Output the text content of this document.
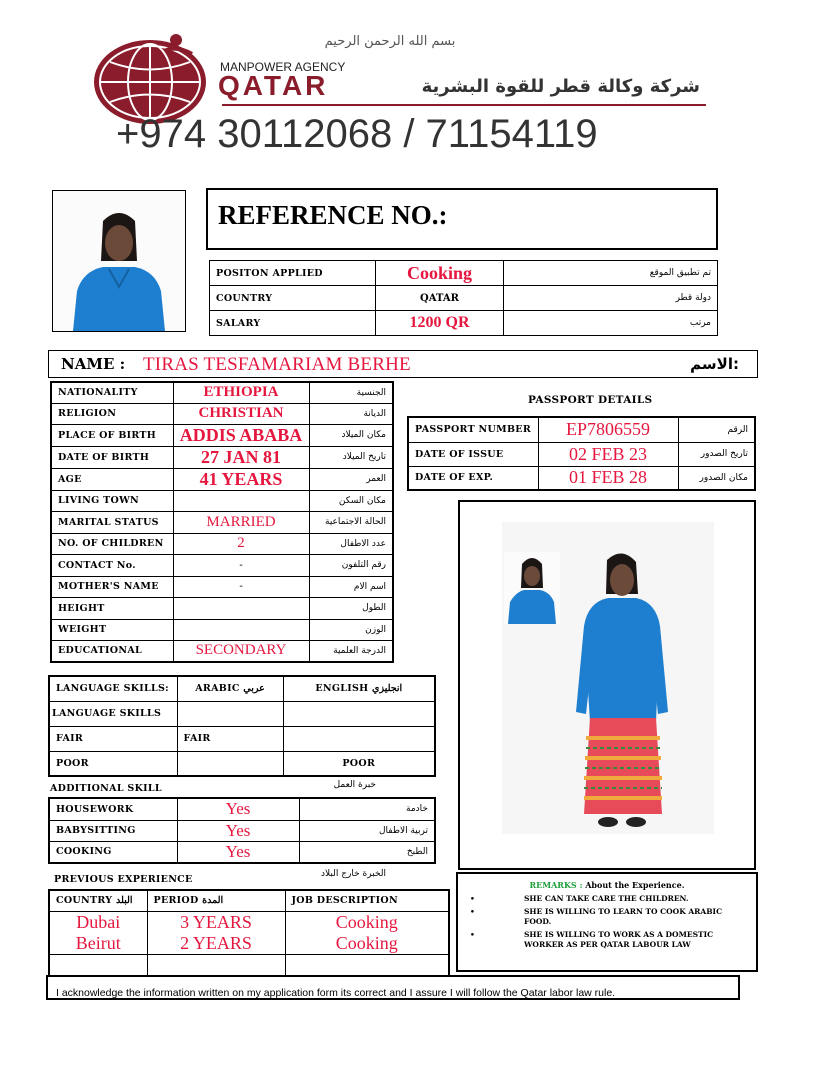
بسم الله الرحمن الرحيم
MANPOWER AGENCY
QATAR	شركة وكالة قطر للقوة البشرية
+974 30112068 / 71154119
REFERENCE NO.:
POSITON APPLIED	Cooking	تم تطبيق الموقع
COUNTRY	QATAR	دولة قطر
SALARY	1200 QR	مرتب
NAME : TIRAS TESFAMARIAM BERHE	الاسم:
NATIONALITY	ETHIOPIA	الجنسية
RELIGION	CHRISTIAN	الديانة
PLACE OF BIRTH	ADDIS ABABA	مكان الميلاد
DATE OF BIRTH	27 JAN 81	تاريخ الميلاد
AGE	41 YEARS	العمر
LIVING TOWN		مكان السكن
MARITAL STATUS	MARRIED	الحالة الاجتماعية
NO. OF CHILDREN	2	عدد الاطفال
CONTACT No.	-	رقم التلفون
MOTHER'S NAME	-	اسم الام
HEIGHT		الطول
WEIGHT		الوزن
EDUCATIONAL	SECONDARY	الدرجة العلمية
PASSPORT DETAILS
PASSPORT NUMBER	EP7806559	الرقم
DATE OF ISSUE	02 FEB 23	تاريخ الصدور
DATE OF EXP.	01 FEB 28	مكان الصدور
LANGUAGE SKILLS:	ARABIC عربي	ENGLISH انجليزي
LANGUAGE SKILLS		
FAIR	FAIR	
POOR		POOR
ADDITIONAL SKILL	خبرة العمل
HOUSEWORK	Yes	خادمة
BABYSITTING	Yes	تربية الاطفال
COOKING	Yes	الطبخ
PREVIOUS EXPERIENCE	الخبرة خارج البلاد
COUNTRY البلد	PERIOD المدة	JOB DESCRIPTION
Dubai	3 YEARS	Cooking
Beirut	2 YEARS	Cooking

REMARKS : About the Experience.
•	SHE CAN TAKE CARE THE CHILDREN.
•	SHE IS WILLING TO LEARN TO COOK ARABIC FOOD.
•	SHE IS WILLING TO WORK AS A DOMESTIC WORKER AS PER QATAR LABOUR LAW
I acknowledge the information written on my application form its correct and I assure I will follow the Qatar labor law rule.
